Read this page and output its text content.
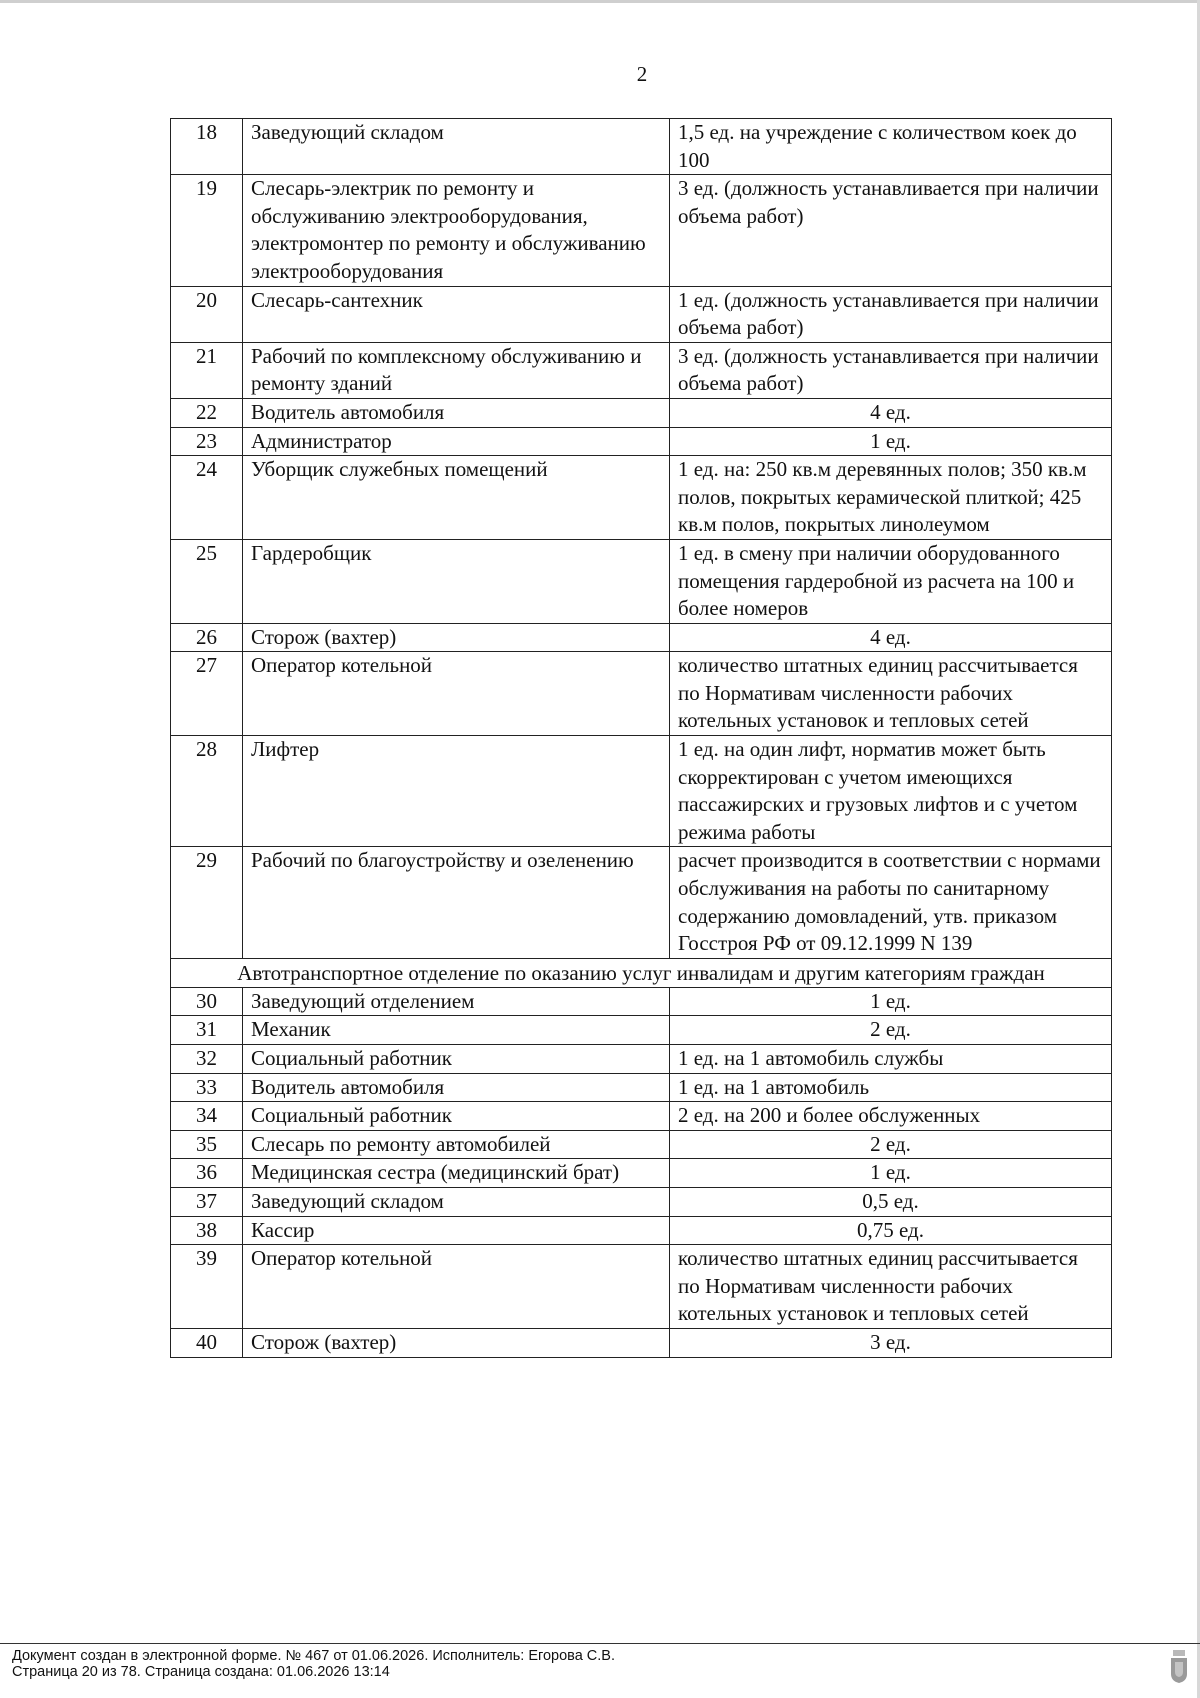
2
18	Заведующий складом	1,5 ед. на учреждение с количеством коек до 100
19	Слесарь-электрик по ремонту и обслуживанию электрооборудования, электромонтер по ремонту и обслуживанию электрооборудования	3 ед. (должность устанавливается при наличии объема работ)
20	Слесарь-сантехник	1 ед. (должность устанавливается при наличии объема работ)
21	Рабочий по комплексному обслуживанию и ремонту зданий	3 ед. (должность устанавливается при наличии объема работ)
22	Водитель автомобиля	4 ед.
23	Администратор	1 ед.
24	Уборщик служебных помещений	1 ед. на: 250 кв.м деревянных полов; 350 кв.м полов, покрытых керамической плиткой; 425 кв.м полов, покрытых линолеумом
25	Гардеробщик	1 ед. в смену при наличии оборудованного помещения гардеробной из расчета на 100 и более номеров
26	Сторож (вахтер)	4 ед.
27	Оператор котельной	количество штатных единиц рассчитывается по Нормативам численности рабочих котельных установок и тепловых сетей
28	Лифтер	1 ед. на один лифт, норматив может быть скорректирован с учетом имеющихся пассажирских и грузовых лифтов и с учетом режима работы
29	Рабочий по благоустройству и озеленению	расчет производится в соответствии с нормами обслуживания на работы по санитарному содержанию домовладений, утв. приказом Госстроя РФ от 09.12.1999 N 139
Автотранспортное отделение по оказанию услуг инвалидам и другим категориям граждан		
30	Заведующий отделением	1 ед.
31	Механик	2 ед.
32	Социальный работник	1 ед. на 1 автомобиль службы
33	Водитель автомобиля	1 ед. на 1 автомобиль
34	Социальный работник	2 ед. на 200 и более обслуженных
35	Слесарь по ремонту автомобилей	2 ед.
36	Медицинская сестра (медицинский брат)	1 ед.
37	Заведующий складом	0,5 ед.
38	Кассир	0,75 ед.
39	Оператор котельной	количество штатных единиц рассчитывается по Нормативам численности рабочих котельных установок и тепловых сетей
40	Сторож (вахтер)	3 ед.
Документ создан в электронной форме. № 467 от 01.06.2026. Исполнитель: Егорова С.В.
Страница 20 из 78. Страница создана: 01.06.2026 13:14
